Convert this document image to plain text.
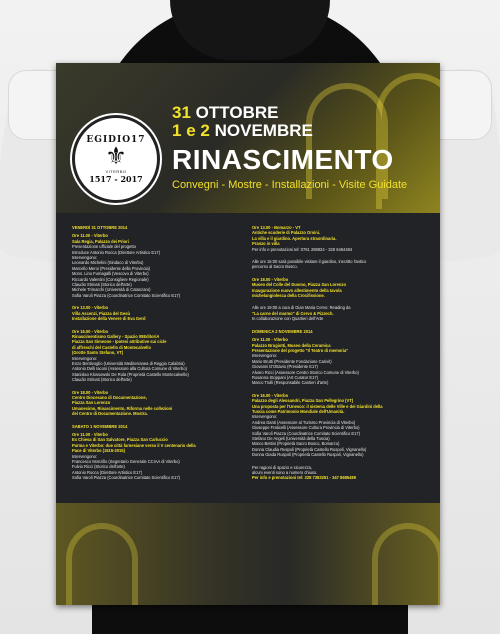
EGIDIO17
⚜
VITERBO
1517 - 2017
31 OTTOBRE
1 e 2 NOVEMBRE
RINASCIMENTO
Convegni - Mostre - Installazioni - Visite Guidate
VENERDÌ 31 OTTOBRE 2014
Ore 11.00 - Viterbo
Sala Regia, Palazzo dei Priori
Presentazione ufficiale del progetto
Introduce Antonio Rocca (Direttore Artistico E17)
Intervengono:
Leonardo Michelini (Sindaco di Viterbo)
Marcello Meroi (Presidente della Provincia)
Mons. Lino Fumagalli (Vescovo di Viterbo)
Riccardo Valentini (Consigliere Regionale)
Claudio Strinati (Storico dell'arte)
Michele Trimarchi (Università di Catanzaro)
Sofia Varoli Piazza (Coordinatrice Comitato Scientifico E17)
Ore 13.00 - Viterbo
Villa Ascenzi, Piazza del Gesù
Installazione della Venere di Eva Gerd
Ore 16.00 - Viterbo
Rinascimentismo Gallery - Spazio 08EditoriA
Piazza San Simeone - Ipotesi attributive sui cicle
di affreschi del Castello di Montecalvello
(Grotte Santo Stefano, VT)
Intervengono:
Enzo Bentivoglio (Università Mediterranea di Reggio Calabria)
Antonio Delli Iaconi (Assessore alla Cultura Comune di Viterbo)
Stanislao Klossowski De Rola (Proprietà Castello Montecalvello)
Claudio Strinati (Storico dell'arte)
Ore 18.00 - Viterbo
Centro Diocesano di Documentazione,
Piazza San Lorenzo
Umanesimo, Rinascimento, Riforma nelle collezioni
del Centro di Documentazione. Mostra.
SABATO 1 NOVEMBRE 2014
Ore 11.00 - Viterbo
Ex Chiesa di San Salvatore, Piazza San Carluccio
Parma e Viterbo: due città farnesiane verso il V centenario della
Pace di Viterbo (1515-2015)
Intervengono:
Francesco Monzillo (Segretario Generale CCIAA di Viterbo)
Fulvio Ricci (Storico dell'arte)
Antonio Rocca (Direttore Artistico E17)
Sofia Varoli Piazza (Coordinatrice Comitato Scientifico E17)
Ore 13.00 - Bomarzo - VT
Antiche scuderie di Palazzo Orsini.
La villa e il giardino. Apertura straordinaria.
Pranzo in villa
Per info e prenotazioni tel: 0761 288934 - 328 6484484
Alle ore 15:00 sarà possibile visitare il giardino, inscritto l'antico
percorso al Sacro Bosco.
Ore 18.00 - Viterbo
Museo del Colle del Duomo, Piazza San Lorenzo
Inaugurazione nuovo allestimento della tavola
michelangiolesca della Crocifissione.
Alle ore 19:00 a cura di Gian Maria Cervo: Reading da
"La carne del marmo" di Cervo & Pizzech.
In collaborazione con Quartieri dell'Arte
DOMENICA 2 NOVEMBRE 2014
Ore 11.00 - Viterbo
Palazzo Brugiotti, Museo della Ceramica
Presentazione del progetto "Il Teatro di memoria"
Intervengono:
Mario Brutti (Presidente Fondazione Carivit)
Giovanni D'Ottavio (Presidente E17)
Alvaro Ricci (Assessore Centro Storico Comune di Viterbo)
Rosanna Stoppani (Art Curator E17)
Marco Trulli (Responsabile Cantieri d'arte)
Ore 16.00 - Viterbo
Palazzo degli Alessandri, Piazza San Pellegrino (VT)
Una proposta per l'Unesco: il sistema delle Ville e dei Giardini della
Tuscia come Patrimonio Mondiale dell'Umanità.
Intervengono:
Andrea Danti (Assessore al Turismo Provincia di Viterbo)
Giuseppe Fraticelli (Assessore Cultura Provincia di Viterbo)
Sofia Varoli Piazza (Coordinatrice Comitato Scientifico E17)
Stefano De Angeli (Università della Tuscia)
Marco Bettini (Proprietà Sacro Bosco, Bomarzo)
Donna Claudia Ruspoli (Proprietà Castello Ruspoli, Vignanello)
Donna Giada Ruspoli (Proprietà Castello Ruspoli, Vignanello)
Per ragioni di spazio e sicurezza,
alcuni eventi sono a numero chiuso.
Per info e prenotazioni tel: 328 7383251 - 347 8685489
